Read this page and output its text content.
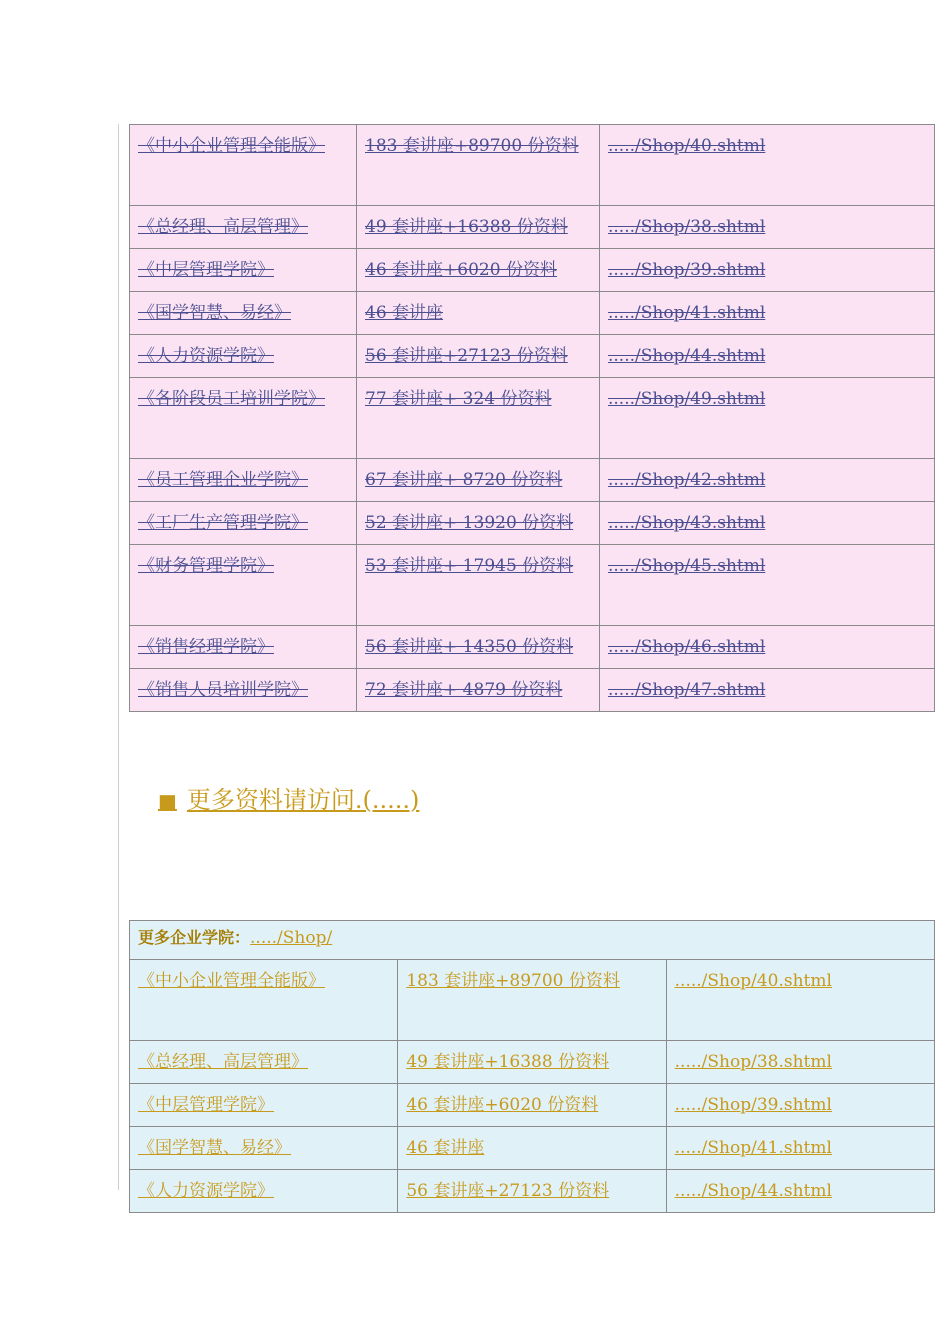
《中小企业管理全能版》	183 套讲座+89700 份资料	...../Shop/40.shtml
《总经理、高层管理》	49 套讲座+16388 份资料	...../Shop/38.shtml
《中层管理学院》	46 套讲座+6020 份资料	...../Shop/39.shtml
《国学智慧、易经》	46 套讲座	...../Shop/41.shtml
《人力资源学院》	56 套讲座+27123 份资料	...../Shop/44.shtml
《各阶段员工培训学院》	77 套讲座+ 324 份资料	...../Shop/49.shtml
《员工管理企业学院》	67 套讲座+ 8720 份资料	...../Shop/42.shtml
《工厂生产管理学院》	52 套讲座+ 13920 份资料	...../Shop/43.shtml
《财务管理学院》	53 套讲座+ 17945 份资料	...../Shop/45.shtml
《销售经理学院》	56 套讲座+ 14350 份资料	...../Shop/46.shtml
《销售人员培训学院》	72 套讲座+ 4879 份资料	...../Shop/47.shtml
■ 更多资料请访问.(.....)
更多企业学院：...../Shop/		
《中小企业管理全能版》	183 套讲座+89700 份资料	...../Shop/40.shtml
《总经理、高层管理》	49 套讲座+16388 份资料	...../Shop/38.shtml
《中层管理学院》	46 套讲座+6020 份资料	...../Shop/39.shtml
《国学智慧、易经》	46 套讲座	...../Shop/41.shtml
《人力资源学院》	56 套讲座+27123 份资料	...../Shop/44.shtml
